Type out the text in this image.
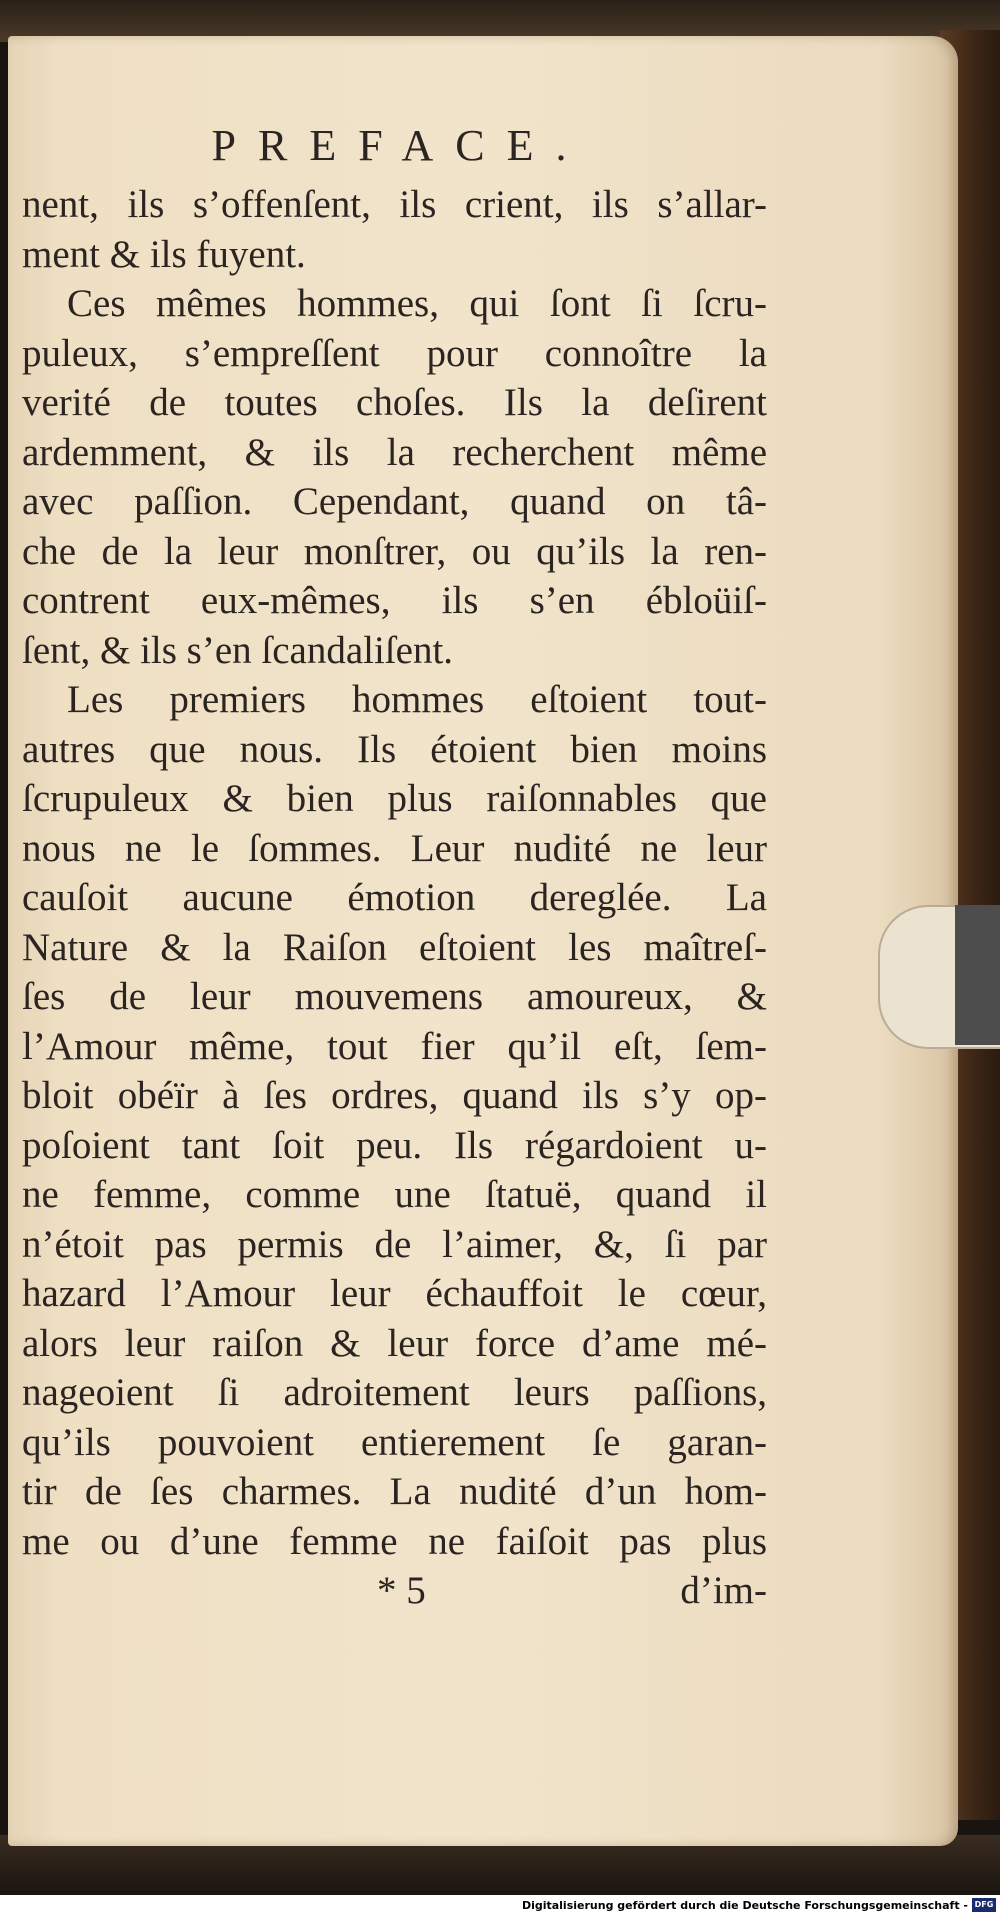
PREFACE.
nent, ils s’offenſent, ils crient, ils s’allar-
ment & ils fuyent.
Ces mêmes hommes, qui ſont ſi ſcru-
puleux, s’empreſſent pour connoître la
verité de toutes choſes. Ils la deſirent
ardemment, & ils la recherchent même
avec paſſion. Cependant, quand on tâ-
che de la leur monſtrer, ou qu’ils la ren-
contrent eux-mêmes, ils s’en ébloüiſ-
ſent, & ils s’en ſcandaliſent.
Les premiers hommes eſtoient tout-
autres que nous. Ils étoient bien moins
ſcrupuleux & bien plus raiſonnables que
nous ne le ſommes. Leur nudité ne leur
cauſoit aucune émotion dereglée. La
Nature & la Raiſon eſtoient les maîtreſ-
ſes de leur mouvemens amoureux, &
l’Amour même, tout fier qu’il eſt, ſem-
bloit obéïr à ſes ordres, quand ils s’y op-
poſoient tant ſoit peu. Ils régardoient u-
ne femme, comme une ſtatuë, quand il
n’étoit pas permis de l’aimer, &, ſi par
hazard l’Amour leur échauffoit le cœur,
alors leur raiſon & leur force d’ame mé-
nageoient ſi adroitement leurs paſſions,
qu’ils pouvoient entierement ſe garan-
tir de ſes charmes. La nudité d’un hom-
me ou d’une femme ne faiſoit pas plus
* 5	d’im-
Digitalisierung gefördert durch die Deutsche Forschungsgemeinschaft - DFG
